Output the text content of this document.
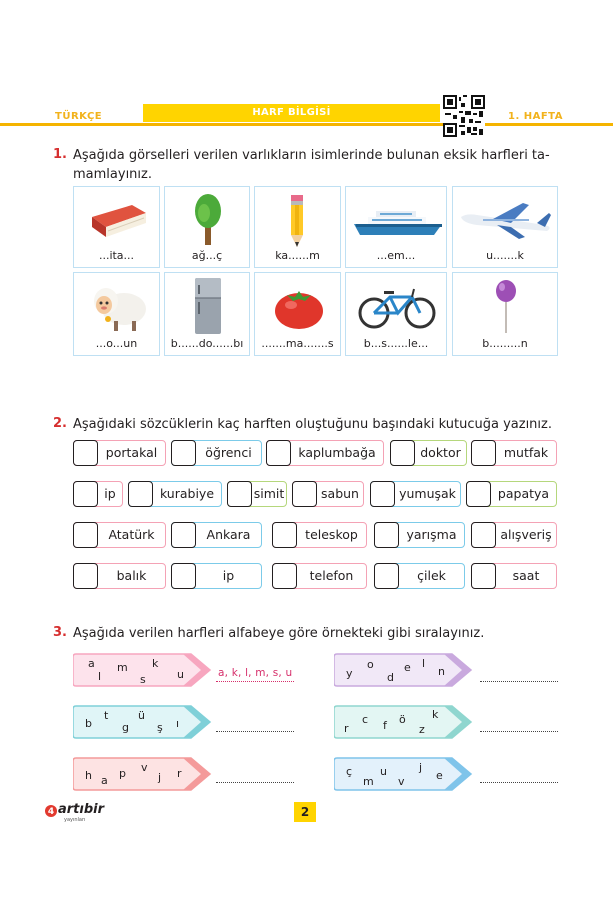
TÜRKÇE	HARF BİLGİSİ	1. HAFTA
1. Aşağıda görselleri verilen varlıkların isimlerinde bulunan eksik harfleri ta-
mamlayınız.
...ita...	ağ...ç	ka......m	...em...	u.......k
...o...un	b......do......bı	.......ma.......s	b...s......le...	b.........n
2. Aşağıdaki sözcüklerin kaç harften oluştuğunu başındaki kutucuğa yazınız.
portakal	öğrenci	kaplumbağa	doktor	mutfak
ip	kurabiye	simit	sabun	yumuşak	papatya
Atatürk	Ankara	teleskop	yarışma	alışveriş
balık	ip	telefon	çilek	saat
3. Aşağıda verilen harfleri alfabeye göre örnekteki gibi sıralayınız.
a
l
m
s
k
u	a, k, l, m, s, u
b
t
g
ü
ş ı
h a
p v
j r
y
o
d
e l
n
r
c f ö
z
k
ç
m
u
v
j
e
4 artıbir
yayınları
2
